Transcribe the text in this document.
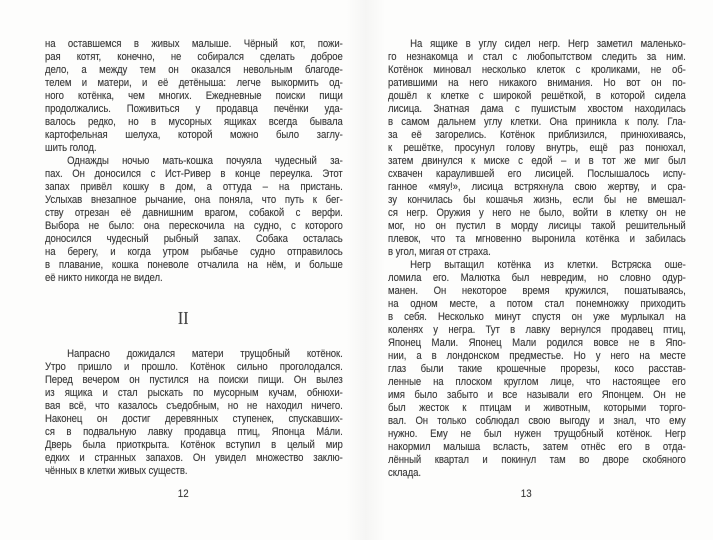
на оставшемся в живых малыше. Чёрный кот, пожи-
рая котят, конечно, не собирался сделать доброе
дело, а между тем он оказался невольным благоде-
телем и матери, и её детёныша: легче выкормить од-
ного котёнка, чем многих. Ежедневные поиски пищи
продолжались. Поживиться у продавца печёнки уда-
валось редко, но в мусорных ящиках всегда бывала
картофельная шелуха, которой можно было заглу-
шить голод.
Однажды ночью мать-кошка почуяла чудесный за-
пах. Он доносился с Ист-Ривер в конце переулка. Этот
запах привёл кошку в дом, а оттуда – на пристань.
Услыхав внезапное рычание, она поняла, что путь к бег-
ству отрезан её давнишним врагом, собакой с верфи.
Выбора не было: она перескочила на судно, с которого
доносился чудесный рыбный запах. Собака осталась
на берегу, и когда утром рыбачье судно отправилось
в плавание, кошка поневоле отчалила на нём, и больше
её никто никогда не видел.
II
Напрасно дожидался матери трущобный котёнок.
Утро пришло и прошло. Котёнок сильно проголодался.
Перед вечером он пустился на поиски пищи. Он вылез
из ящика и стал рыскать по мусорным кучам, обнюхи-
вая всё, что казалось съедобным, но не находил ничего.
Наконец он достиг деревянных ступенек, спускавших-
ся в подвальную лавку продавца птиц, Японца Мáли.
Дверь была приоткрыта. Котёнок вступил в целый мир
едких и странных запахов. Он увидел множество заклю-
чённых в клетки живых существ.
12
На ящике в углу сидел негр. Негр заметил маленько-
го незнакомца и стал с любопытством следить за ним.
Котёнок миновал несколько клеток с кроликами, не об-
ратившими на него никакого внимания. Но вот он по-
дошёл к клетке с широкой решёткой, в которой сидела
лисица. Знатная дама с пушистым хвостом находилась
в самом дальнем углу клетки. Она приникла к полу. Гла-
за её загорелись. Котёнок приблизился, принюхиваясь,
к решётке, просунул голову внутрь, ещё раз понюхал,
затем двинулся к миске с едой – и в тот же миг был
схвачен караулившей его лисицей. Послышалось испу-
ганное «мяу!», лисица встряхнула свою жертву, и сра-
зу кончилась бы кошачья жизнь, если бы не вмешал-
ся негр. Оружия у него не было, войти в клетку он не
мог, но он пустил в морду лисицы такой решительный
плевок, что та мгновенно выронила котёнка и забилась
в угол, мигая от страха.
Негр вытащил котёнка из клетки. Встряска оше-
ломила его. Малютка был невредим, но словно одур-
манен. Он некоторое время кружился, пошатываясь,
на одном месте, а потом стал понемножку приходить
в себя. Несколько минут спустя он уже мурлыкал на
коленях у негра. Тут в лавку вернулся продавец птиц,
Японец Мали. Японец Мали родился вовсе не в Япо-
нии, а в лондонском предместье. Но у него на месте
глаз были такие крошечные прорезы, косо расстав-
ленные на плоском круглом лице, что настоящее его
имя было забыто и все называли его Японцем. Он не
был жесток к птицам и животным, которыми торго-
вал. Он только соблюдал свою выгоду и знал, что ему
нужно. Ему не был нужен трущобный котёнок. Негр
накормил малыша всласть, затем отнёс его в отда-
лённый квартал и покинул там во дворе скобяного
склада.
13
